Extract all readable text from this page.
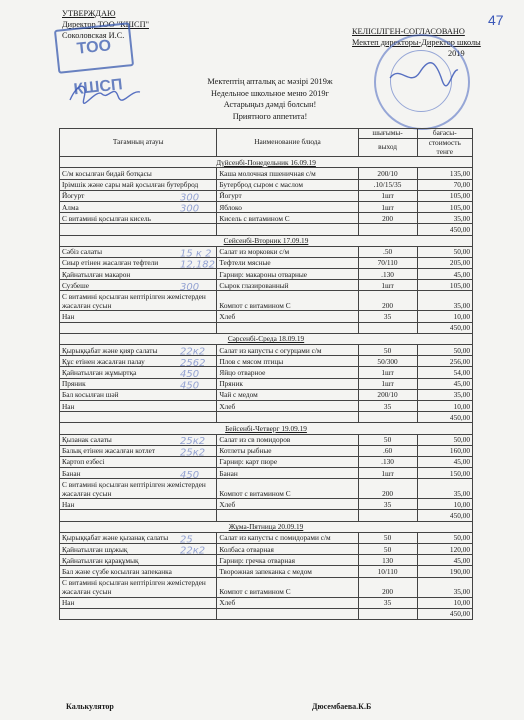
47
УТВЕРЖДАЮ
Директор ТОО "КШСП"
Соколовская И.С.
ТОО КШСП
КЕЛІСІЛГЕН-СОГЛАСОВАНО
Мектеп директоры-Директор школы
2019
Мектептің апталық ас мәзірі 2019ж
Недельное школьное меню 2019г
Астарыңыз дәмді болсын!
Приятного аппетита!
Тағамның атауы	Наименование блюда	шығымы-	бағасы-
		выход	стоимость
			тенге
Дүйсенбі-Понедельник 16.09.19			
С/м косылған бидай ботқасы	Каша молочная пшеничная с/м	200/10	135,00
Ірімшік және сары май қосылған бутерброд	Бутерброд сыром с маслом	.10/15/35	70,00
Йогурт	Йогурт	1шт	105,00
Алма	Яблоко	1шт	105,00
С витамині қосылған кисель	Кисель с витамином С	200	35,00
			450,00
Сейсенбі-Вторник 17.09.19			
Сәбіз салаты	Салат из морковки с/м	.50	50,00
Сиыр етінен жасалған тефтели	Тефтели мясные	70/110	205,00
Қайнатылған макарон	Гарнир: макароны отварные	.130	45,00
Сузбеше	Сырок глазированный	1шт	105,00
С витамині қосылған кептірілген жемістерден жасалған сусын	Компот с витамином С	200	35,00
Нан	Хлеб	35	10,00
			450,00
Сәрсенбі-Среда 18.09.19			
Қырыққабат және қияр салаты	Салат из капусты с огурцами с/м	50	50,00
Құс етінен жасалған палау	Плов с мясом птицы	50/300	256,00
Қайнатылған жұмыртқа	Яйцо отварное	1шт	54,00
Пряник	Пряник	1шт	45,00
Бал косылған шәй	Чай с медом	200/10	35,00
Нан	Хлеб	35	10,00
			450,00
Бейсенбі-Четверг 19.09.19			
Қызанак салаты	Салат из св помидоров	50	50,00
Балық етінен жасалған котлет	Котлеты рыбные	.60	160,00
Картоп езбесі	Гарнир: карт пюре	.130	45,00
Банан	Банан	1шт	150,00
С витамині қосылған кептірілген жемістерден жасалған сусын	Компот с витамином С	200	35,00
Нан	Хлеб	35	10,00
			450,00
Жұма-Пятница 20.09.19			
Қырыққабат және қызанақ салаты	Салат из капусты с помидорами с/м	50	50,00
Қайнатылған шұжық	Колбаса отварная	50	120,00
Қайнатылған қарақұмық	Гарнир: гречка отварная	130	45,00
Бал және сүзбе косылған запеканка	Творожная запеканка с медом	10/110	190,00
С витамині қосылған кептірілген жемістерден жасалған сусын	Компот с витамином С	200	35,00
Нан	Хлеб	35	10,00
			450,00
300
300
15 к 2
12,182
300
22к2
2562
450
450
25к2
25к2
450
25
22к2
Калькулятор	Дюсембаева.К.Б
